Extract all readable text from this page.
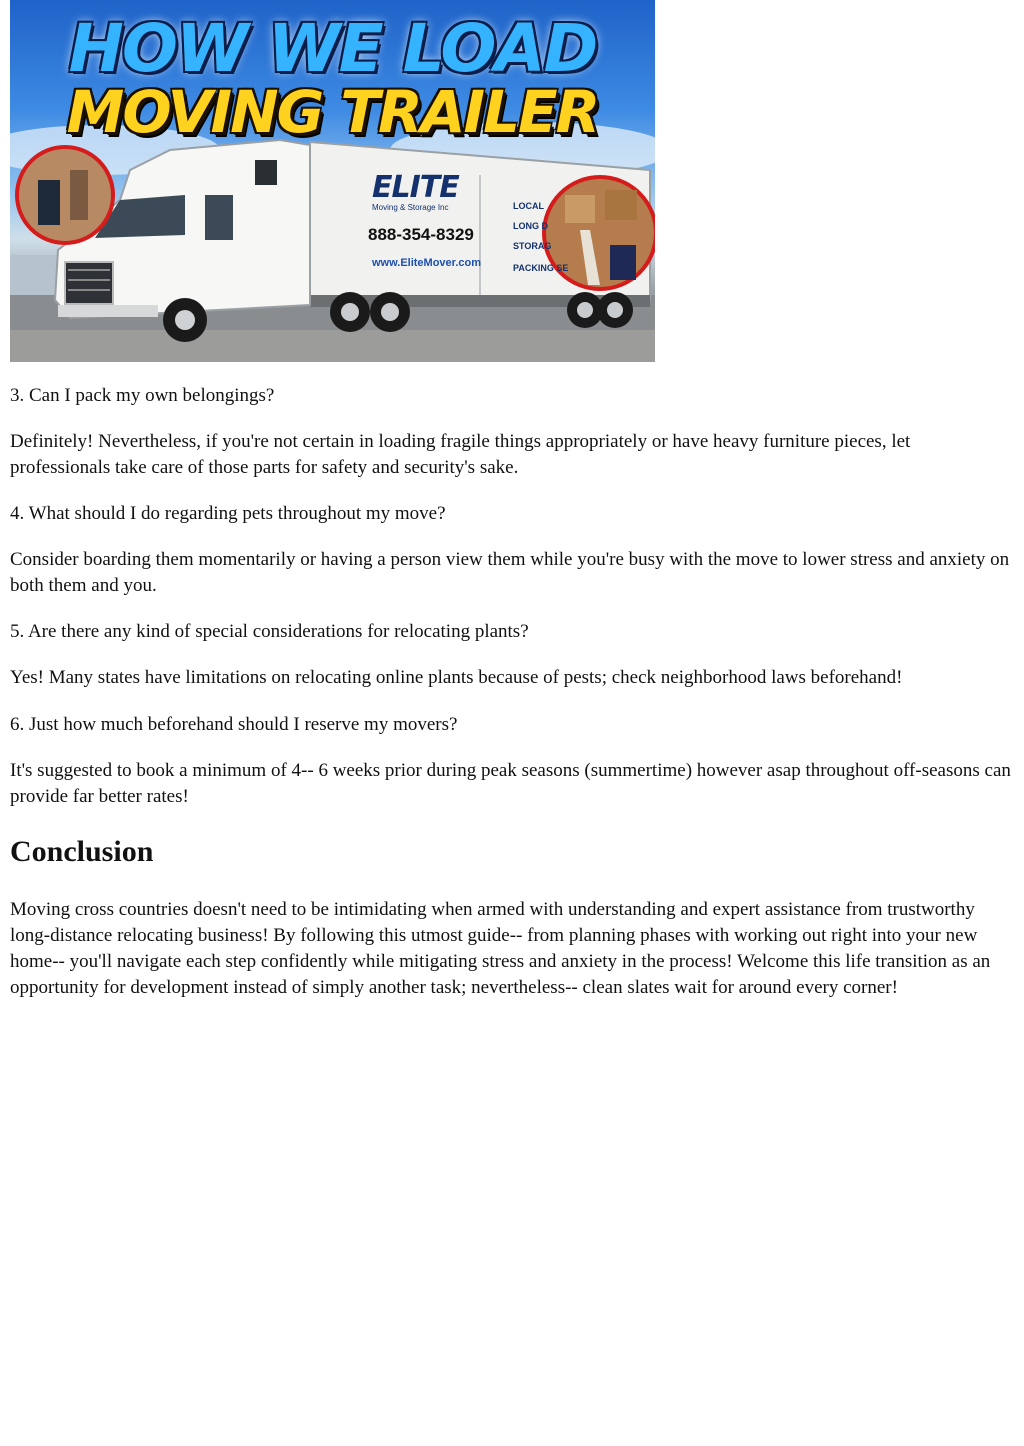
HOW WE LOAD
MOVING TRAILER
ELITE
Moving & Storage Inc
888-354-8329
www.EliteMover.com
LOCAL
LONG D
STORAG
PACKING SE

3. Can I pack my own belongings?

Definitely! Nevertheless, if you're not certain in loading fragile things appropriately or have heavy furniture pieces, let professionals take care of those parts for safety and security's sake.

4. What should I do regarding pets throughout my move?

Consider boarding them momentarily or having a person view them while you're busy with the move to lower stress and anxiety on both them and you.

5. Are there any kind of special considerations for relocating plants?

Yes! Many states have limitations on relocating online plants because of pests; check neighborhood laws beforehand!

6. Just how much beforehand should I reserve my movers?

It's suggested to book a minimum of 4-- 6 weeks prior during peak seasons (summertime) however asap throughout off-seasons can provide far better rates!

Conclusion

Moving cross countries doesn't need to be intimidating when armed with understanding and expert assistance from trustworthy long-distance relocating business! By following this utmost guide-- from planning phases with working out right into your new home-- you'll navigate each step confidently while mitigating stress and anxiety in the process! Welcome this life transition as an opportunity for development instead of simply another task; nevertheless-- clean slates wait for around every corner!
